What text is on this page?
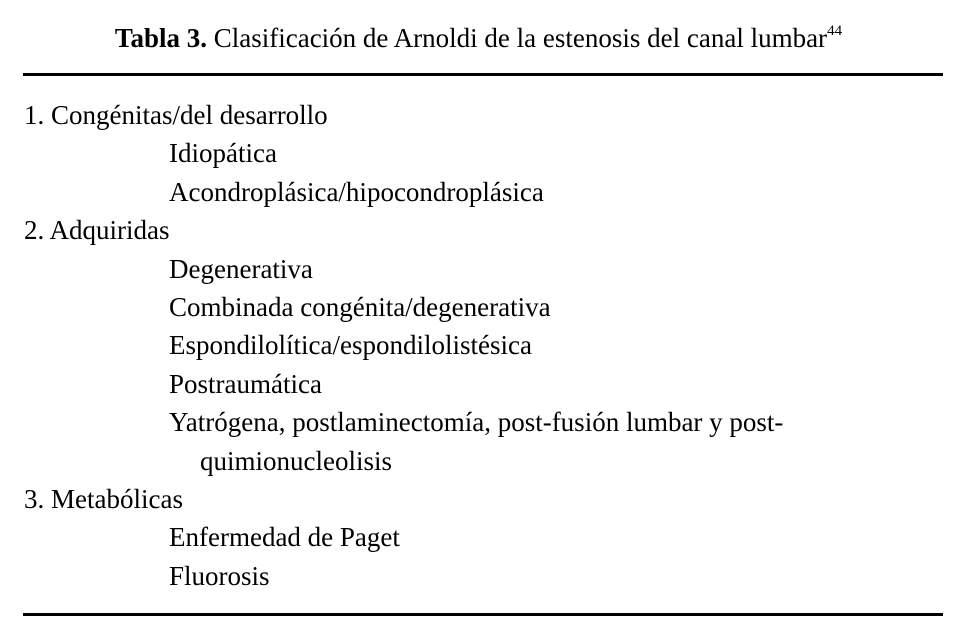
Tabla 3. Clasificación de Arnoldi de la estenosis del canal lumbar$^{44}$
1. Congénitas/del desarrollo
Idiopática
Acondroplásica/hipocondroplásica
2. Adquiridas
Degenerativa
Combinada congénita/degenerativa
Espondilolítica/espondilolistésica
Postraumática
Yatrógena, postlaminectomía, post-fusión lumbar y post-
quimionucleolisis
3. Metabólicas
Enfermedad de Paget
Fluorosis
